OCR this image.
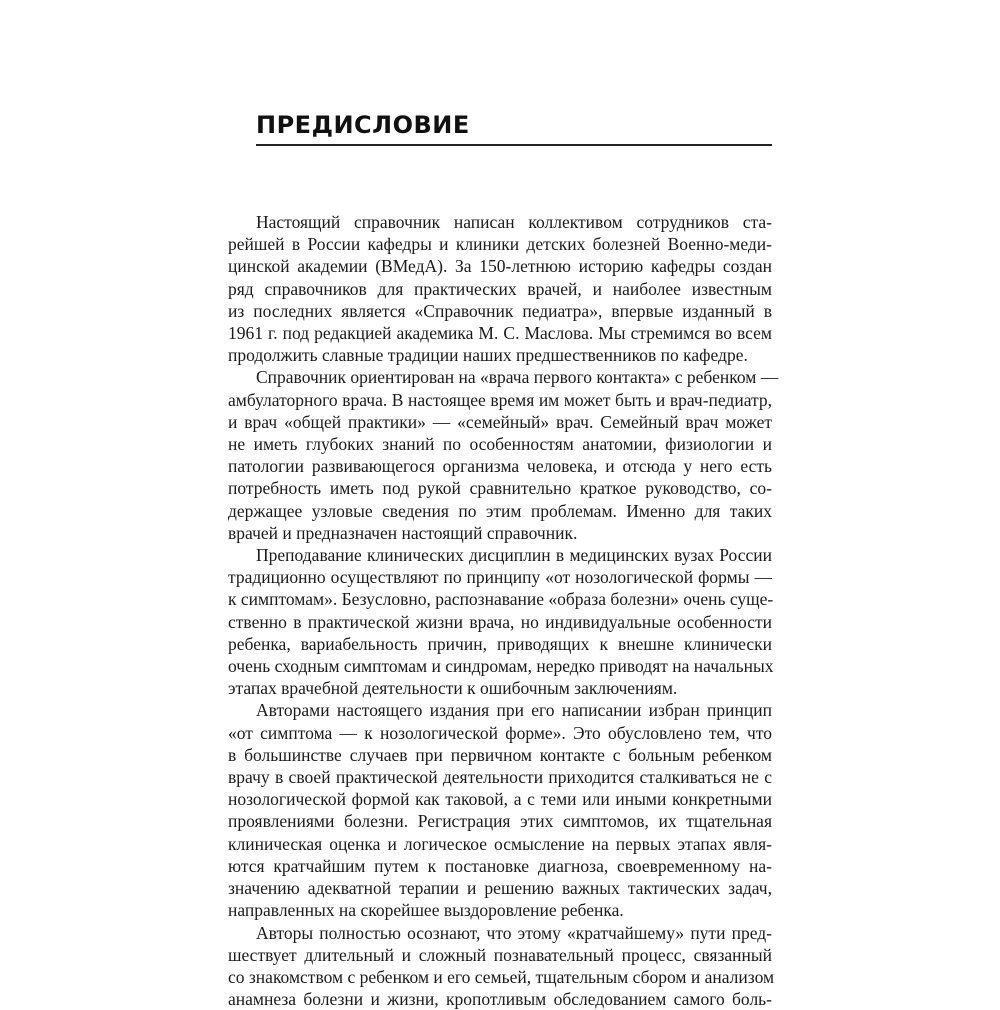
ПРЕДИСЛОВИЕ

Настоящий справочник написан коллективом сотрудников ста-
рейшей в России кафедры и клиники детских болезней Военно-меди-
цинской академии (ВМедА). За 150-летнюю историю кафедры создан
ряд справочников для практических врачей, и наиболее известным
из последних является «Справочник педиатра», впервые изданный в
1961 г. под редакцией академика М. С. Маслова. Мы стремимся во всем
продолжить славные традиции наших предшественников по кафедре.

Справочник ориентирован на «врача первого контакта» с ребенком —
амбулаторного врача. В настоящее время им может быть и врач-педиатр,
и врач «общей практики» — «семейный» врач. Семейный врач может
не иметь глубоких знаний по особенностям анатомии, физиологии и
патологии развивающегося организма человека, и отсюда у него есть
потребность иметь под рукой сравнительно краткое руководство, со-
держащее узловые сведения по этим проблемам. Именно для таких
врачей и предназначен настоящий справочник.

Преподавание клинических дисциплин в медицинских вузах России
традиционно осуществляют по принципу «от нозологической формы —
к симптомам». Безусловно, распознавание «образа болезни» очень суще-
ственно в практической жизни врача, но индивидуальные особенности
ребенка, вариабельность причин, приводящих к внешне клинически
очень сходным симптомам и синдромам, нередко приводят на начальных
этапах врачебной деятельности к ошибочным заключениям.

Авторами настоящего издания при его написании избран принцип
«от симптома — к нозологической форме». Это обусловлено тем, что
в большинстве случаев при первичном контакте с больным ребенком
врачу в своей практической деятельности приходится сталкиваться не с
нозологической формой как таковой, а с теми или иными конкретными
проявлениями болезни. Регистрация этих симптомов, их тщательная
клиническая оценка и логическое осмысление на первых этапах явля-
ются кратчайшим путем к постановке диагноза, своевременному на-
значению адекватной терапии и решению важных тактических задач,
направленных на скорейшее выздоровление ребенка.

Авторы полностью осознают, что этому «кратчайшему» пути пред-
шествует длительный и сложный познавательный процесс, связанный
со знакомством с ребенком и его семьей, тщательным сбором и анализом
анамнеза болезни и жизни, кропотливым обследованием самого боль-
